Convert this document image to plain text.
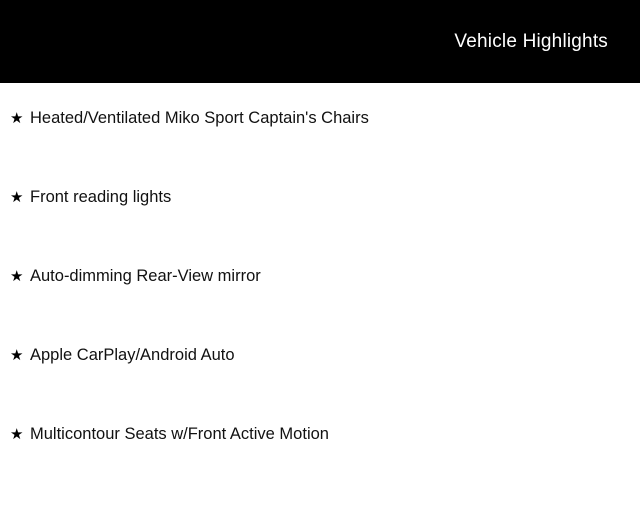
Vehicle Highlights
★ Heated/Ventilated Miko Sport Captain's Chairs
★ Front reading lights
★ Auto-dimming Rear-View mirror
★ Apple CarPlay/Android Auto
★ Multicontour Seats w/Front Active Motion
